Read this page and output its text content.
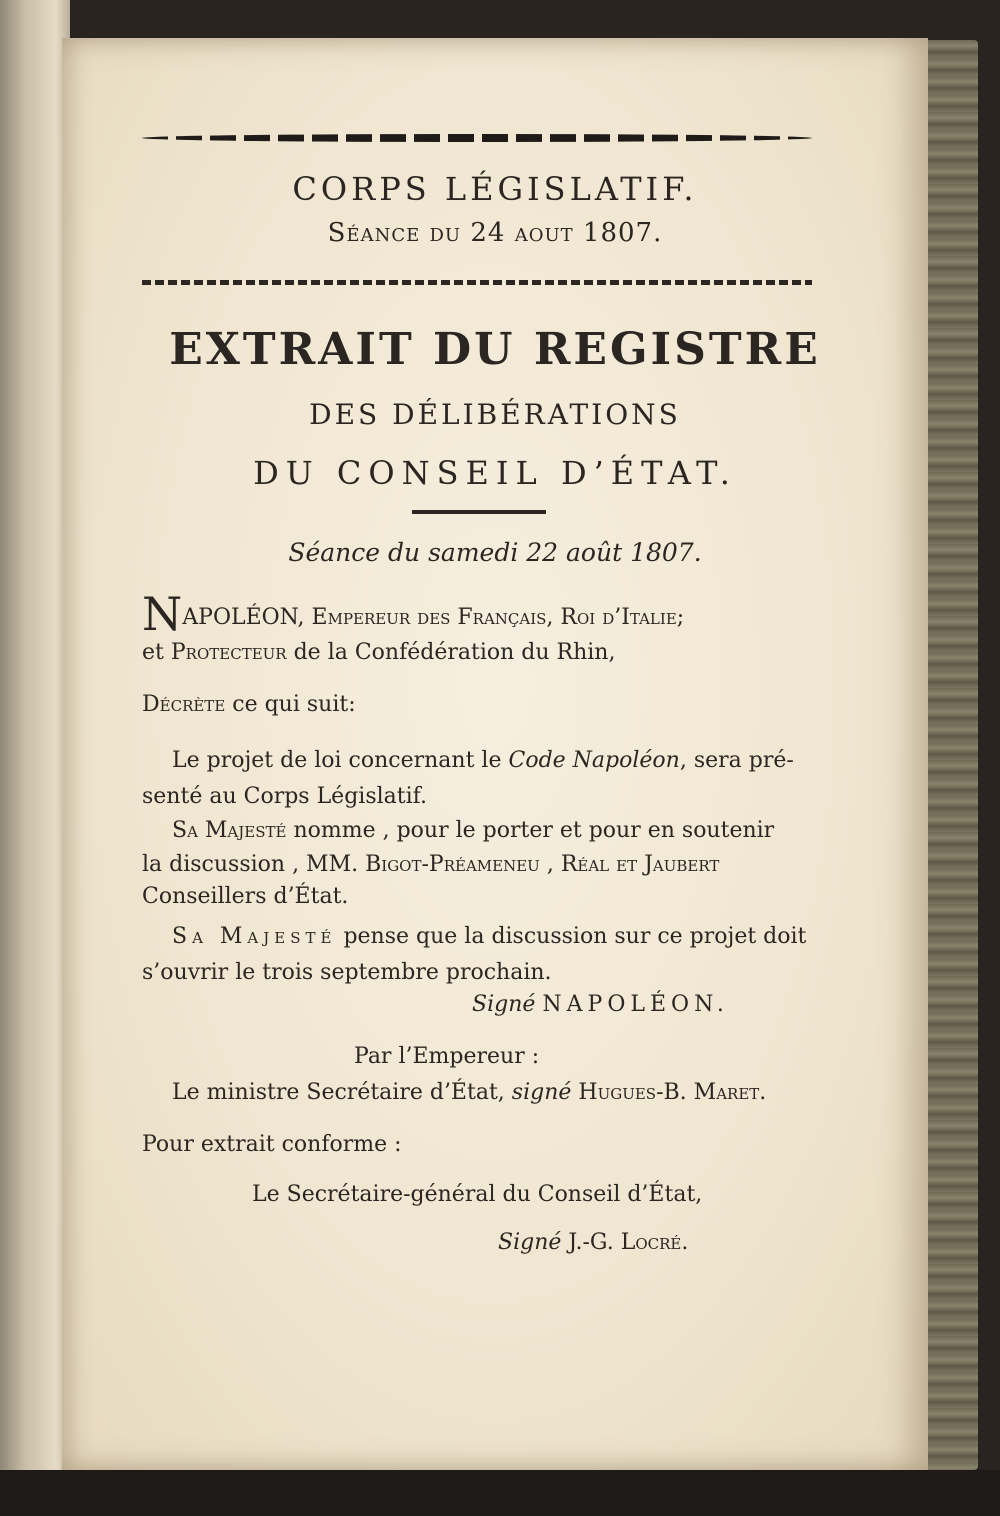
CORPS LÉGISLATIF.
Séance du 24 aout 1807.
EXTRAIT DU REGISTRE
DES DÉLIBÉRATIONS
DU CONSEIL D’ÉTAT.
Séance du samedi 22 août 1807.
NAPOLÉON, Empereur des Français, Roi d’Italie;
et Protecteur de la Confédération du Rhin,
Décrète ce qui suit:
Le projet de loi concernant le Code Napoléon, sera pré-
senté au Corps Législatif.
Sa Majesté nomme , pour le porter et pour en soutenir
la discussion , MM. Bigot-Préameneu , Réal et Jaubert
Conseillers d’État.
Sa Majesté pense que la discussion sur ce projet doit
s’ouvrir le trois septembre prochain.
Signé NAPOLÉON.
Par l’Empereur :
Le ministre Secrétaire d’État, signé Hugues-B. Maret.
Pour extrait conforme :
Le Secrétaire-général du Conseil d’État,
Signé J.-G. Locré.
